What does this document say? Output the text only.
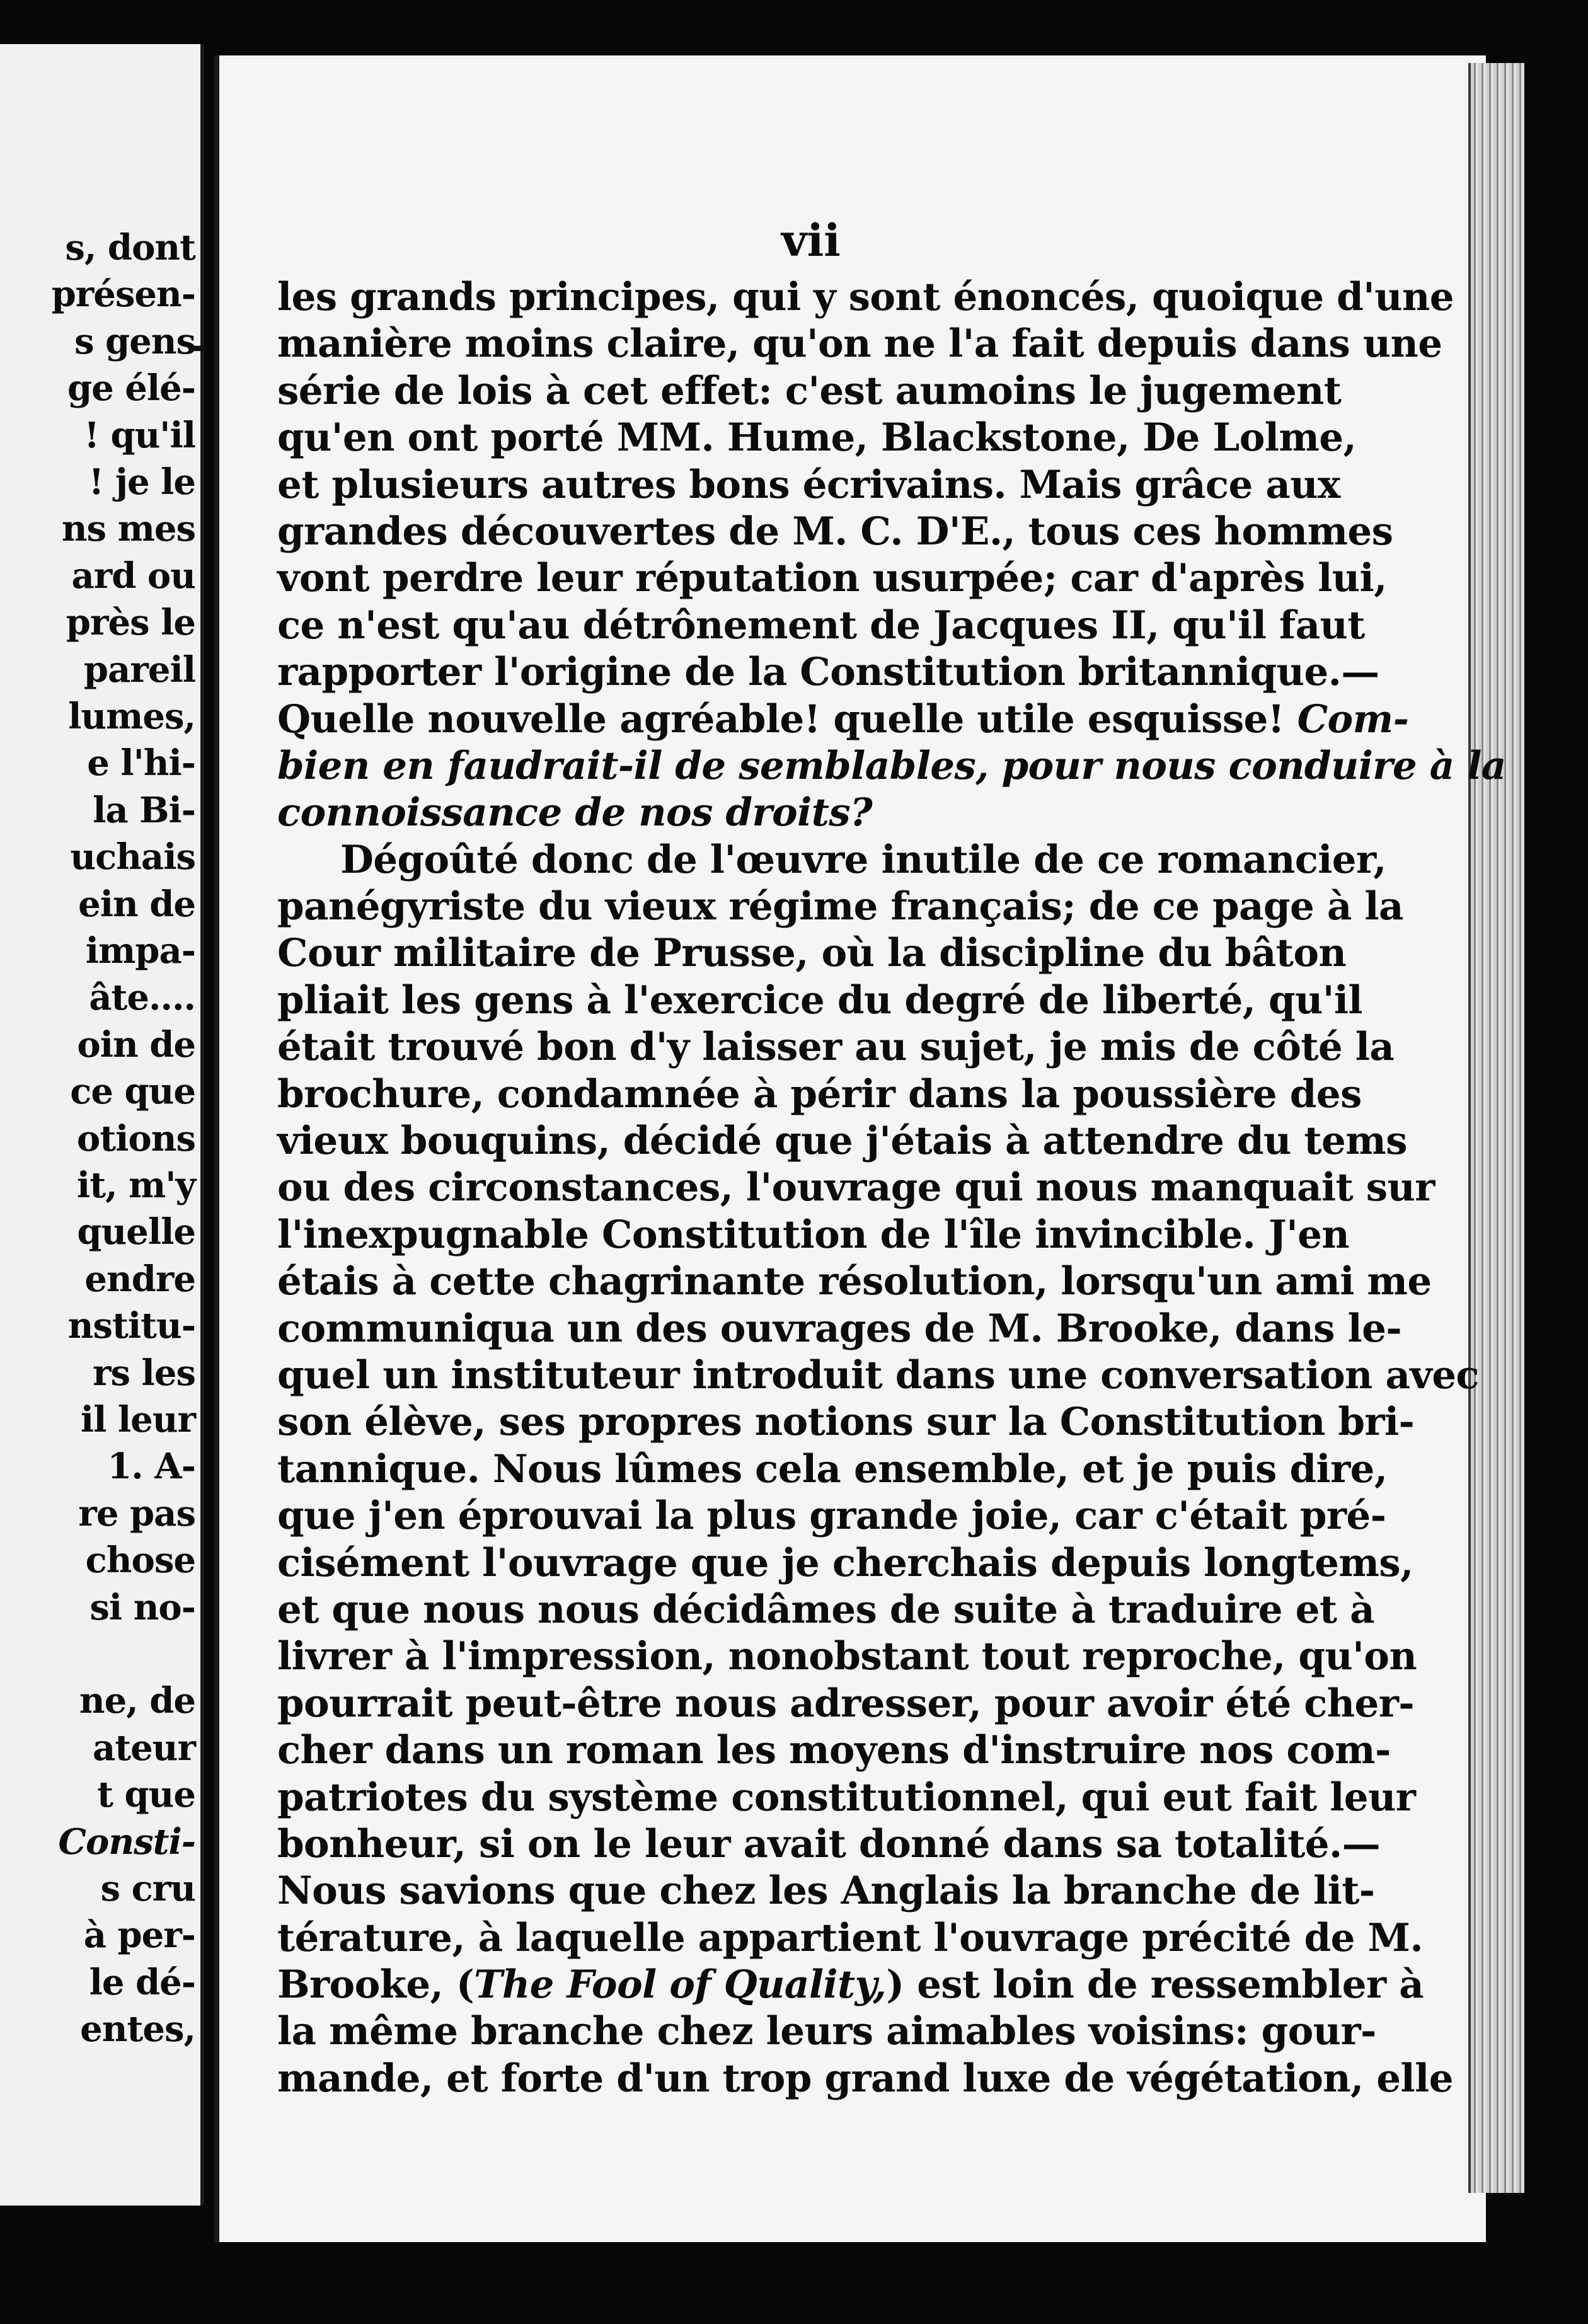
s, dont
présen-
s gens
ge élé-
! qu'il
! je le
ns mes
ard ou
près le
pareil
lumes,
e l'hi-
la Bi-
uchais
ein de
impa-
âte....
oin de
ce que
otions
it, m'y
quelle
endre
nstitu-
rs les
il leur
1. A-
re pas
chose
si no-
ne, de
ateur
t que
Consti-
s cru
à per-
le dé-
entes,
vii
les grands principes, qui y sont énoncés, quoique d'une
manière moins claire, qu'on ne l'a fait depuis dans une
série de lois à cet effet: c'est aumoins le jugement
qu'en ont porté MM. Hume, Blackstone, De Lolme,
et plusieurs autres bons écrivains. Mais grâce aux
grandes découvertes de M. C. D'E., tous ces hommes
vont perdre leur réputation usurpée; car d'après lui,
ce n'est qu'au détrônement de Jacques II, qu'il faut
rapporter l'origine de la Constitution britannique.—
Quelle nouvelle agréable! quelle utile esquisse! Com-
bien en faudrait-il de semblables, pour nous conduire à la
connoissance de nos droits?
Dégoûté donc de l'œuvre inutile de ce romancier,
panégyriste du vieux régime français; de ce page à la
Cour militaire de Prusse, où la discipline du bâton
pliait les gens à l'exercice du degré de liberté, qu'il
était trouvé bon d'y laisser au sujet, je mis de côté la
brochure, condamnée à périr dans la poussière des
vieux bouquins, décidé que j'étais à attendre du tems
ou des circonstances, l'ouvrage qui nous manquait sur
l'inexpugnable Constitution de l'île invincible. J'en
étais à cette chagrinante résolution, lorsqu'un ami me
communiqua un des ouvrages de M. Brooke, dans le-
quel un instituteur introduit dans une conversation avec
son élève, ses propres notions sur la Constitution bri-
tannique. Nous lûmes cela ensemble, et je puis dire,
que j'en éprouvai la plus grande joie, car c'était pré-
cisément l'ouvrage que je cherchais depuis longtems,
et que nous nous décidâmes de suite à traduire et à
livrer à l'impression, nonobstant tout reproche, qu'on
pourrait peut-être nous adresser, pour avoir été cher-
cher dans un roman les moyens d'instruire nos com-
patriotes du système constitutionnel, qui eut fait leur
bonheur, si on le leur avait donné dans sa totalité.—
Nous savions que chez les Anglais la branche de lit-
térature, à laquelle appartient l'ouvrage précité de M.
Brooke, (The Fool of Quality,) est loin de ressembler à
la même branche chez leurs aimables voisins: gour-
mande, et forte d'un trop grand luxe de végétation, elle
⁃
